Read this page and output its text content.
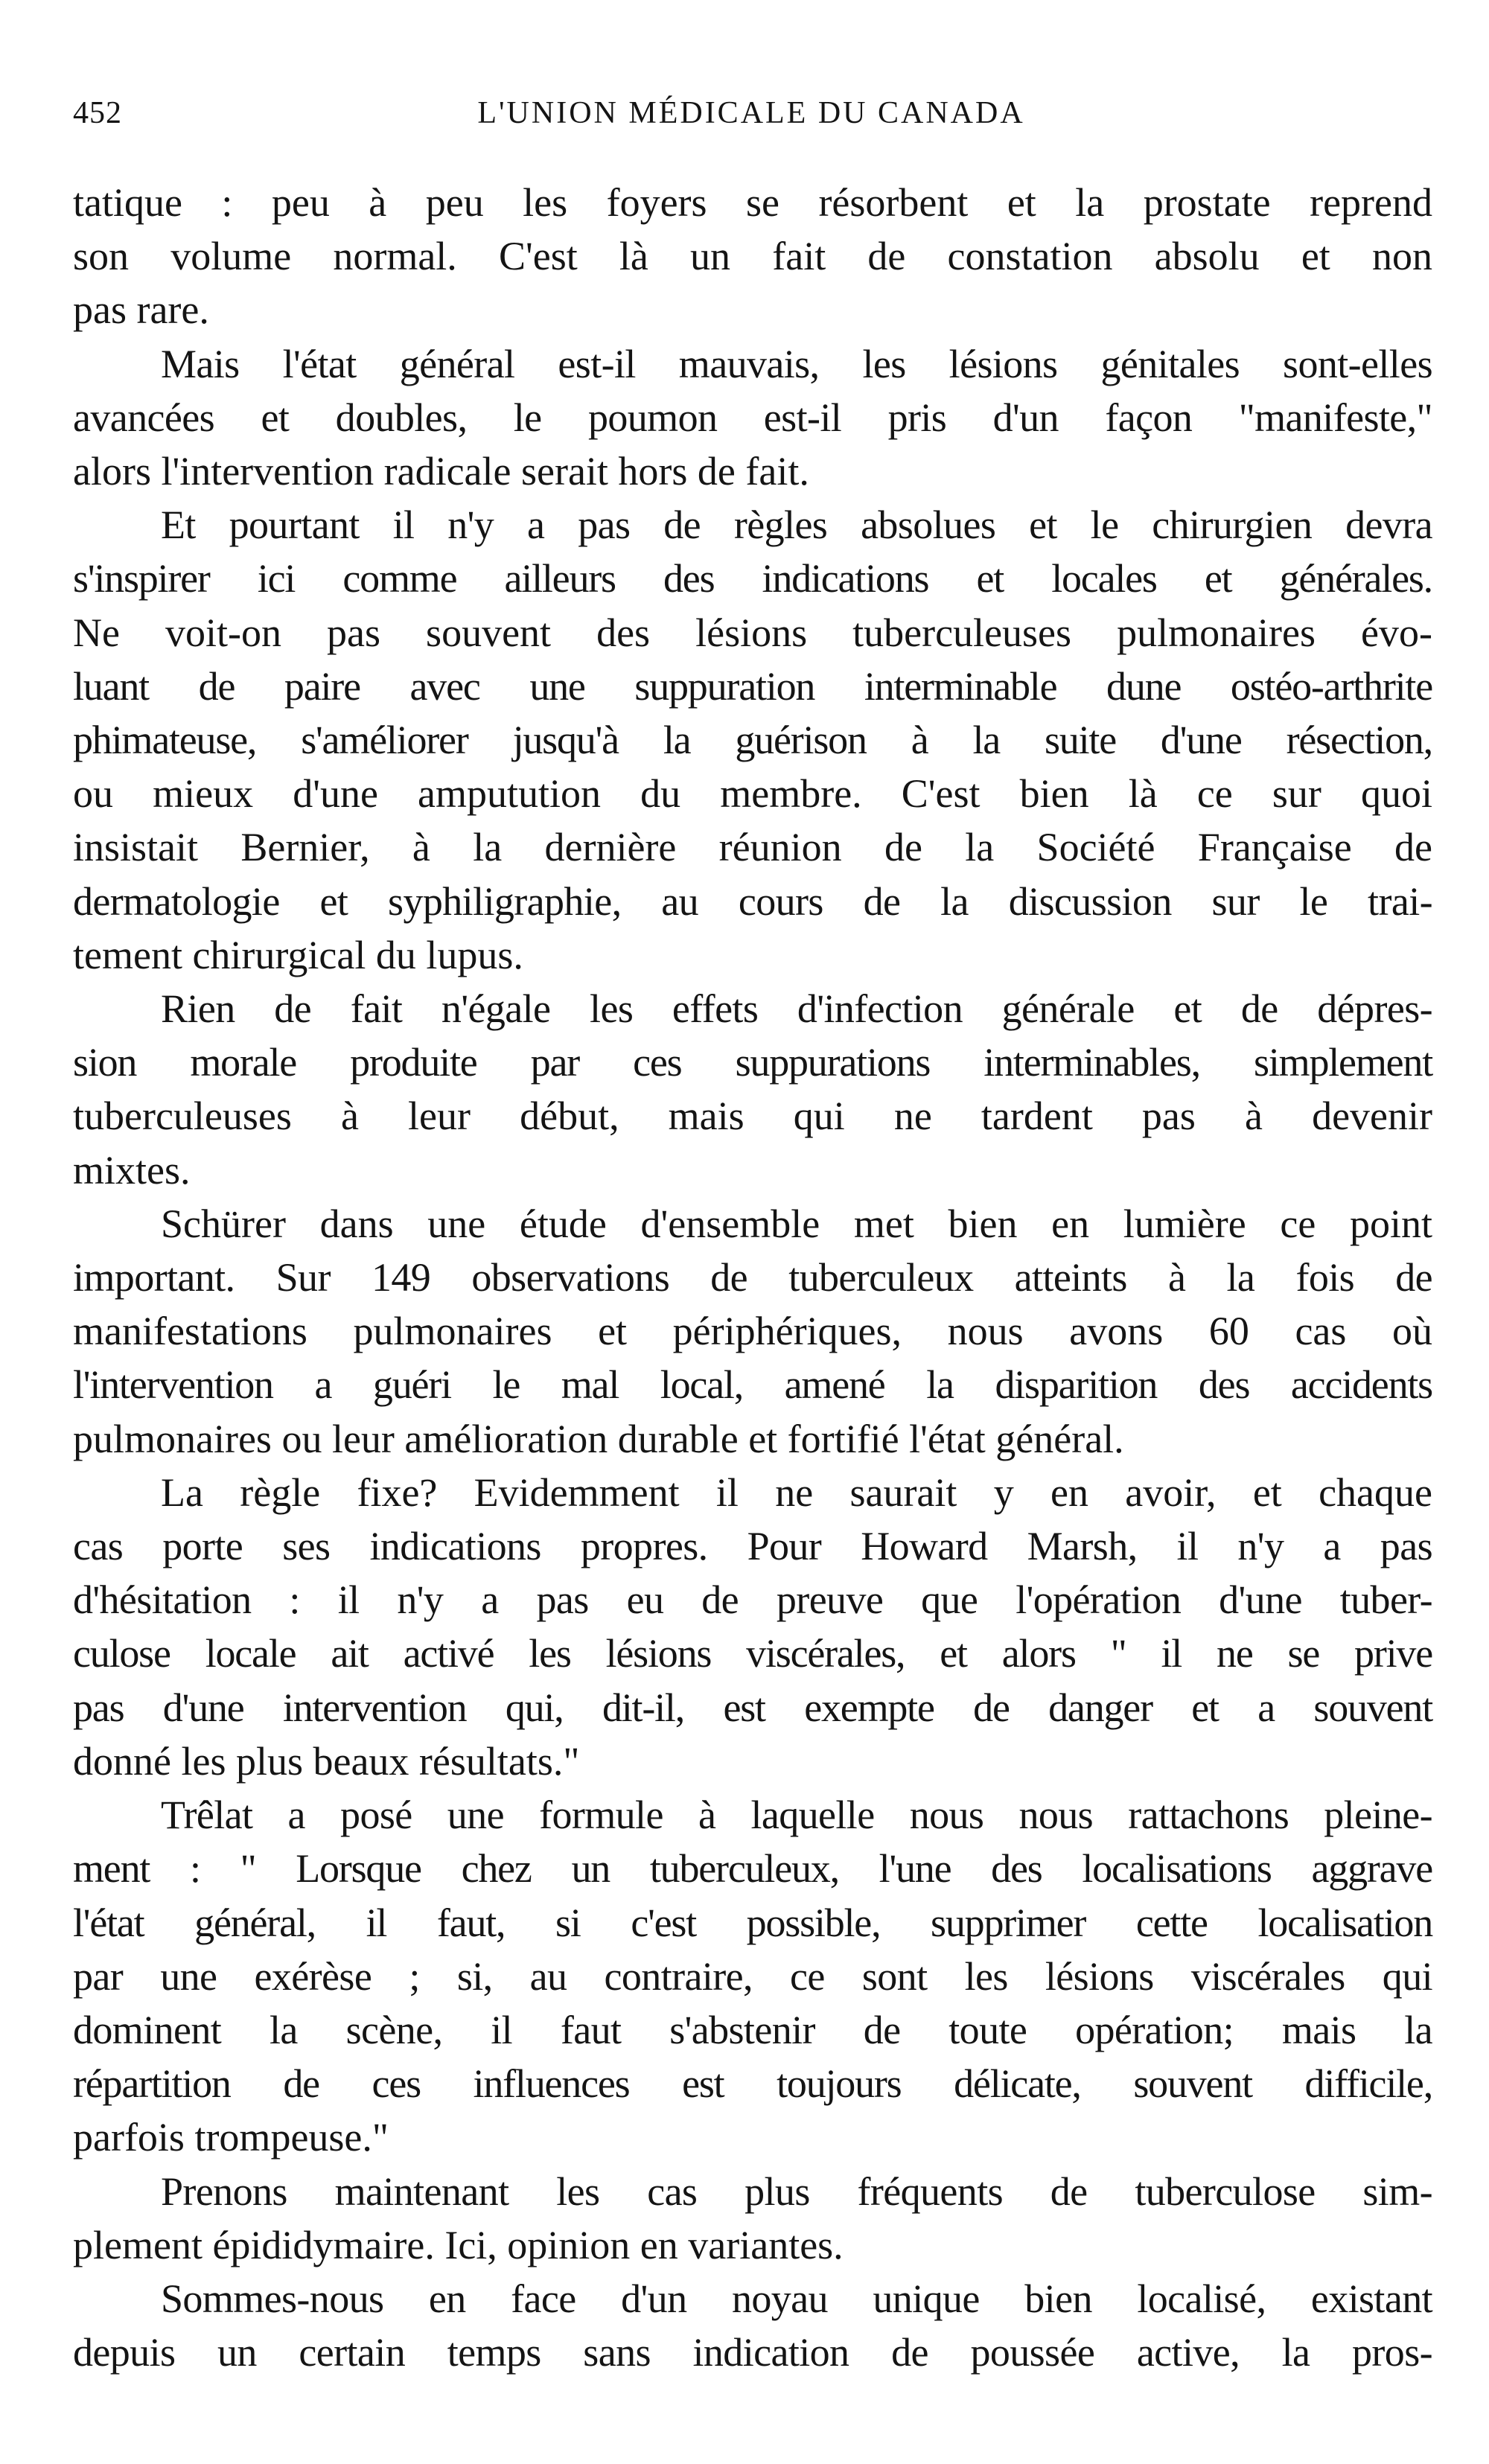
452	L'UNION MÉDICALE DU CANADA
tatique : peu à peu les foyers se résorbent et la prostate reprend
son volume normal. C'est là un fait de constation absolu et non
pas rare.
Mais l'état général est-il mauvais, les lésions génitales sont-elles
avancées et doubles, le poumon est-il pris d'un façon "manifeste,"
alors l'intervention radicale serait hors de fait.
Et pourtant il n'y a pas de règles absolues et le chirurgien devra
s'inspirer ici comme ailleurs des indications et locales et générales.
Ne voit-on pas souvent des lésions tuberculeuses pulmonaires évo-
luant de paire avec une suppuration interminable dune ostéo-arthrite
phimateuse, s'améliorer jusqu'à la guérison à la suite d'une résection,
ou mieux d'une amputution du membre. C'est bien là ce sur quoi
insistait Bernier, à la dernière réunion de la Société Française de
dermatologie et syphiligraphie, au cours de la discussion sur le trai-
tement chirurgical du lupus.
Rien de fait n'égale les effets d'infection générale et de dépres-
sion morale produite par ces suppurations interminables, simplement
tuberculeuses à leur début, mais qui ne tardent pas à devenir
mixtes.
Schürer dans une étude d'ensemble met bien en lumière ce point
important. Sur 149 observations de tuberculeux atteints à la fois de
manifestations pulmonaires et périphériques, nous avons 60 cas où
l'intervention a guéri le mal local, amené la disparition des accidents
pulmonaires ou leur amélioration durable et fortifié l'état général.
La règle fixe? Evidemment il ne saurait y en avoir, et chaque
cas porte ses indications propres. Pour Howard Marsh, il n'y a pas
d'hésitation : il n'y a pas eu de preuve que l'opération d'une tuber-
culose locale ait activé les lésions viscérales, et alors " il ne se prive
pas d'une intervention qui, dit-il, est exempte de danger et a souvent
donné les plus beaux résultats."
Trêlat a posé une formule à laquelle nous nous rattachons pleine-
ment : " Lorsque chez un tuberculeux, l'une des localisations aggrave
l'état général, il faut, si c'est possible, supprimer cette localisation
par une exérèse ; si, au contraire, ce sont les lésions viscérales qui
dominent la scène, il faut s'abstenir de toute opération; mais la
répartition de ces influences est toujours délicate, souvent difficile,
parfois trompeuse."
Prenons maintenant les cas plus fréquents de tuberculose sim-
plement épididymaire. Ici, opinion en variantes.
Sommes-nous en face d'un noyau unique bien localisé, existant
depuis un certain temps sans indication de poussée active, la pros-
